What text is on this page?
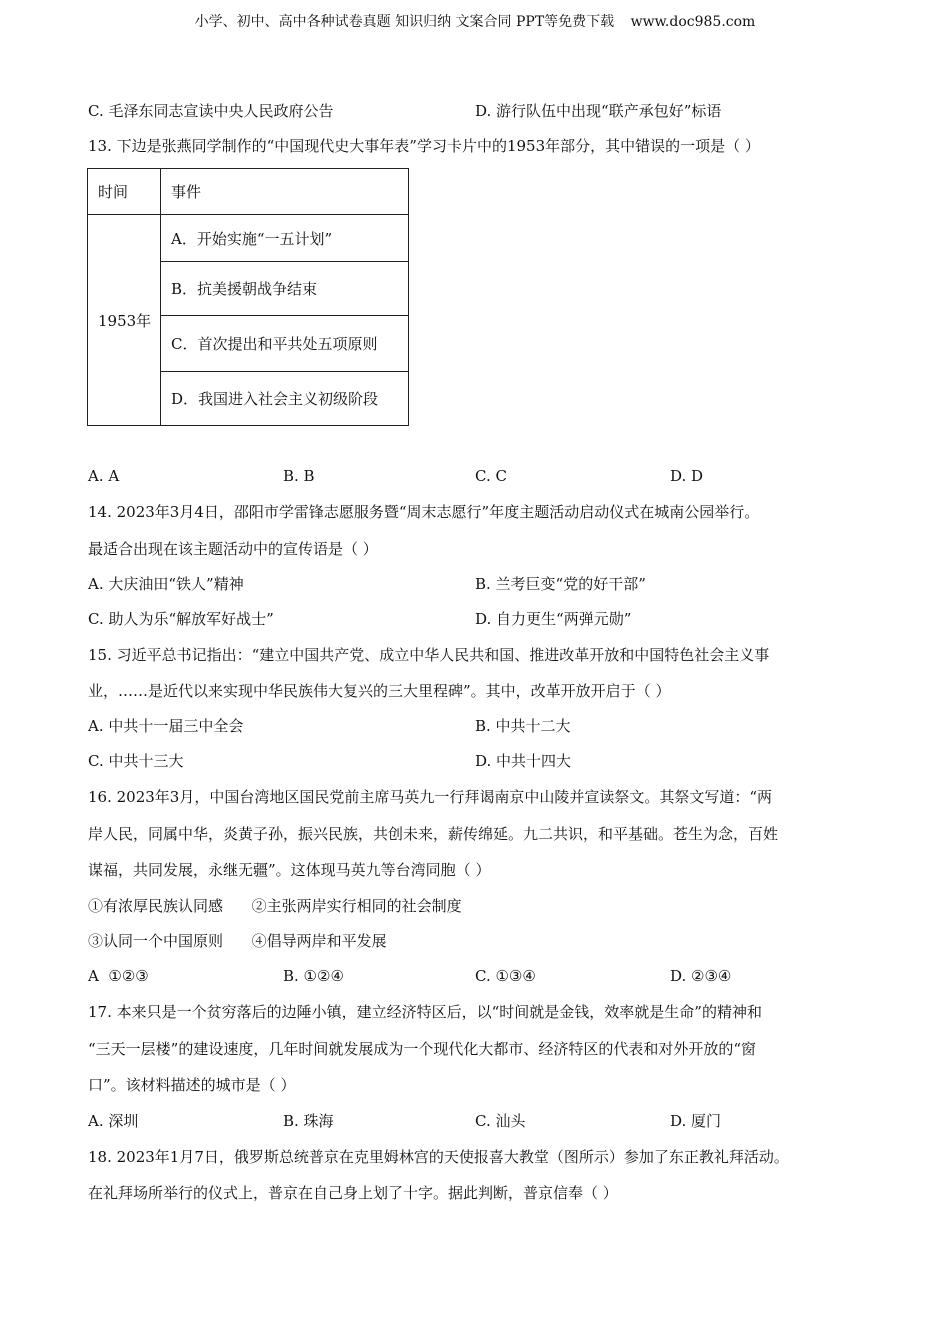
小学、初中、高中各种试卷真题 知识归纳 文案合同 PPT等免费下载 www.doc985.com
C. 毛泽东同志宣读中央人民政府公告	D. 游行队伍中出现“联产承包好”标语
13. 下边是张燕同学制作的“中国现代史大事年表”学习卡片中的1953年部分，其中错误的一项是（ ）
时间	事件
1953年	A．开始实施“一五计划”
	B．抗美援朝战争结束
	C．首次提出和平共处五项原则
	D．我国进入社会主义初级阶段
A. A	B. B	C. C	D. D
14. 2023年3月4日，邵阳市学雷锋志愿服务暨“周末志愿行”年度主题活动启动仪式在城南公园举行。
最适合出现在该主题活动中的宣传语是（ ）
A. 大庆油田“铁人”精神	B. 兰考巨变“党的好干部”
C. 助人为乐“解放军好战士”	D. 自力更生“两弹元勋”
15. 习近平总书记指出：“建立中国共产党、成立中华人民共和国、推进改革开放和中国特色社会主义事
业，……是近代以来实现中华民族伟大复兴的三大里程碑”。其中，改革开放开启于（ ）
A. 中共十一届三中全会	B. 中共十二大
C. 中共十三大	D. 中共十四大
16. 2023年3月，中国台湾地区国民党前主席马英九一行拜谒南京中山陵并宣读祭文。其祭文写道：“两
岸人民，同属中华，炎黄子孙，振兴民族，共创未来，薪传绵延。九二共识，和平基础。苍生为念，百姓
谋福，共同发展，永继无疆”。这体现马英九等台湾同胞（ ）
①有浓厚民族认同感      ②主张两岸实行相同的社会制度
③认同一个中国原则      ④倡导两岸和平发展
A  ①②③	B. ①②④	C. ①③④	D. ②③④
17. 本来只是一个贫穷落后的边陲小镇，建立经济特区后，以“时间就是金钱，效率就是生命”的精神和
“三天一层楼”的建设速度，几年时间就发展成为一个现代化大都市、经济特区的代表和对外开放的“窗
口”。该材料描述的城市是（ ）
A. 深圳	B. 珠海	C. 汕头	D. 厦门
18. 2023年1月7日，俄罗斯总统普京在克里姆林宫的天使报喜大教堂（图所示）参加了东正教礼拜活动。
在礼拜场所举行的仪式上，普京在自己身上划了十字。据此判断，普京信奉（ ）
